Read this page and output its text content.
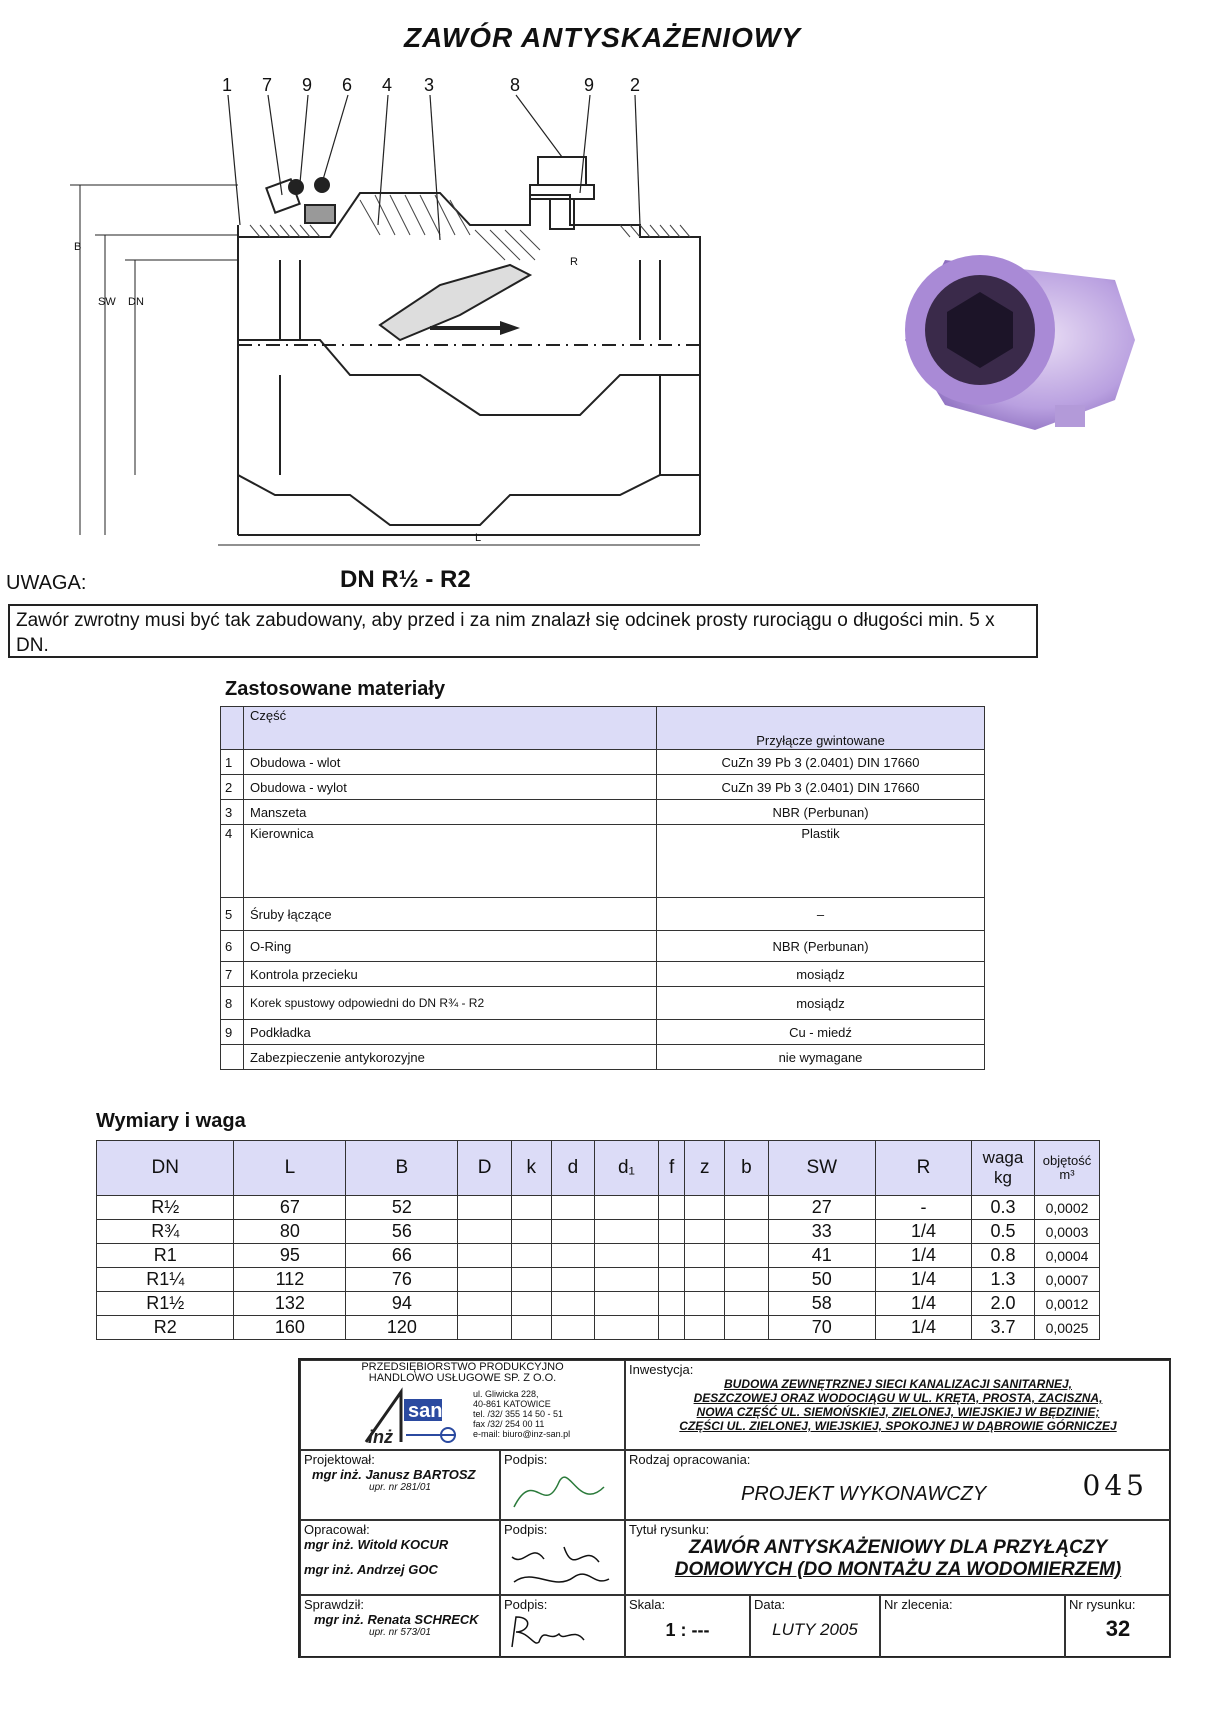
ZAWÓR ANTYSKAŻENIOWY
1 7 9 6 4 3	8	9 2
B
SW DN
R
L
UWAGA:	DN R½ - R2
Zawór zwrotny musi być tak zabudowany, aby przed i za nim znalazł się odcinek prosty rurociągu o długości min. 5 x DN.
Zastosowane materiały
	Część	Przyłącze gwintowane
1	Obudowa - wlot	CuZn 39 Pb 3 (2.0401) DIN 17660
2	Obudowa - wylot	CuZn 39 Pb 3 (2.0401) DIN 17660
3	Manszeta	NBR (Perbunan)
4	Kierownica	Plastik
5	Śruby łączące	–
6	O-Ring	NBR (Perbunan)
7	Kontrola przecieku	mosiądz
8	Korek spustowy odpowiedni do DN R¾ - R2	mosiądz
9	Podkładka	Cu - miedź
	Zabezpieczenie antykorozyjne	nie wymagane
Wymiary i waga
DN	L	B	D	k	d	d₁	f	z	b	SW	R	waga kg	objętość m³
R½	67	52								27	-	0.3	0,0002
R¾	80	56								33	1/4	0.5	0,0003
R1	95	66								41	1/4	0.8	0,0004
R1¼	112	76								50	1/4	1.3	0,0007
R1½	132	94								58	1/4	2.0	0,0012
R2	160	120								70	1/4	3.7	0,0025
PRZEDSIĘBIORSTWO PRODUKCYJNO
HANDLOWO USŁUGOWE SP. Z O.O.
san
inż
ul. Gliwicka 228,
40-861 KATOWICE
tel. /32/ 355 14 50 - 51
fax /32/ 254 00 11
e-mail: biuro@inz-san.pl
Inwestycja:
BUDOWA ZEWNĘTRZNEJ SIECI KANALIZACJI SANITARNEJ,
DESZCZOWEJ ORAZ WODOCIĄGU W UL. KRĘTA, PROSTA, ZACISZNA,
NOWA CZĘŚĆ UL. SIEMOŃSKIEJ, ZIELONEJ, WIEJSKIEJ W BĘDZINIE;
CZĘŚCI UL. ZIELONEJ, WIEJSKIEJ, SPOKOJNEJ W DĄBROWIE GÓRNICZEJ
Projektował:
mgr inż. Janusz BARTOSZ
upr. nr 281/01
Podpis:	Rodzaj opracowania:
PROJEKT WYKONAWCZY	045
Opracował:
mgr inż. Witold KOCUR
mgr inż. Andrzej GOC
Podpis:	Tytuł rysunku:
ZAWÓR ANTYSKAŻENIOWY DLA PRZYŁĄCZY
DOMOWYCH (DO MONTAŻU ZA WODOMIERZEM)
Sprawdził:
mgr inż. Renata SCHRECK
upr. nr 573/01
Podpis:	Skala:
1 : ---
Data:
LUTY 2005
Nr zlecenia:	Nr rysunku:
32
